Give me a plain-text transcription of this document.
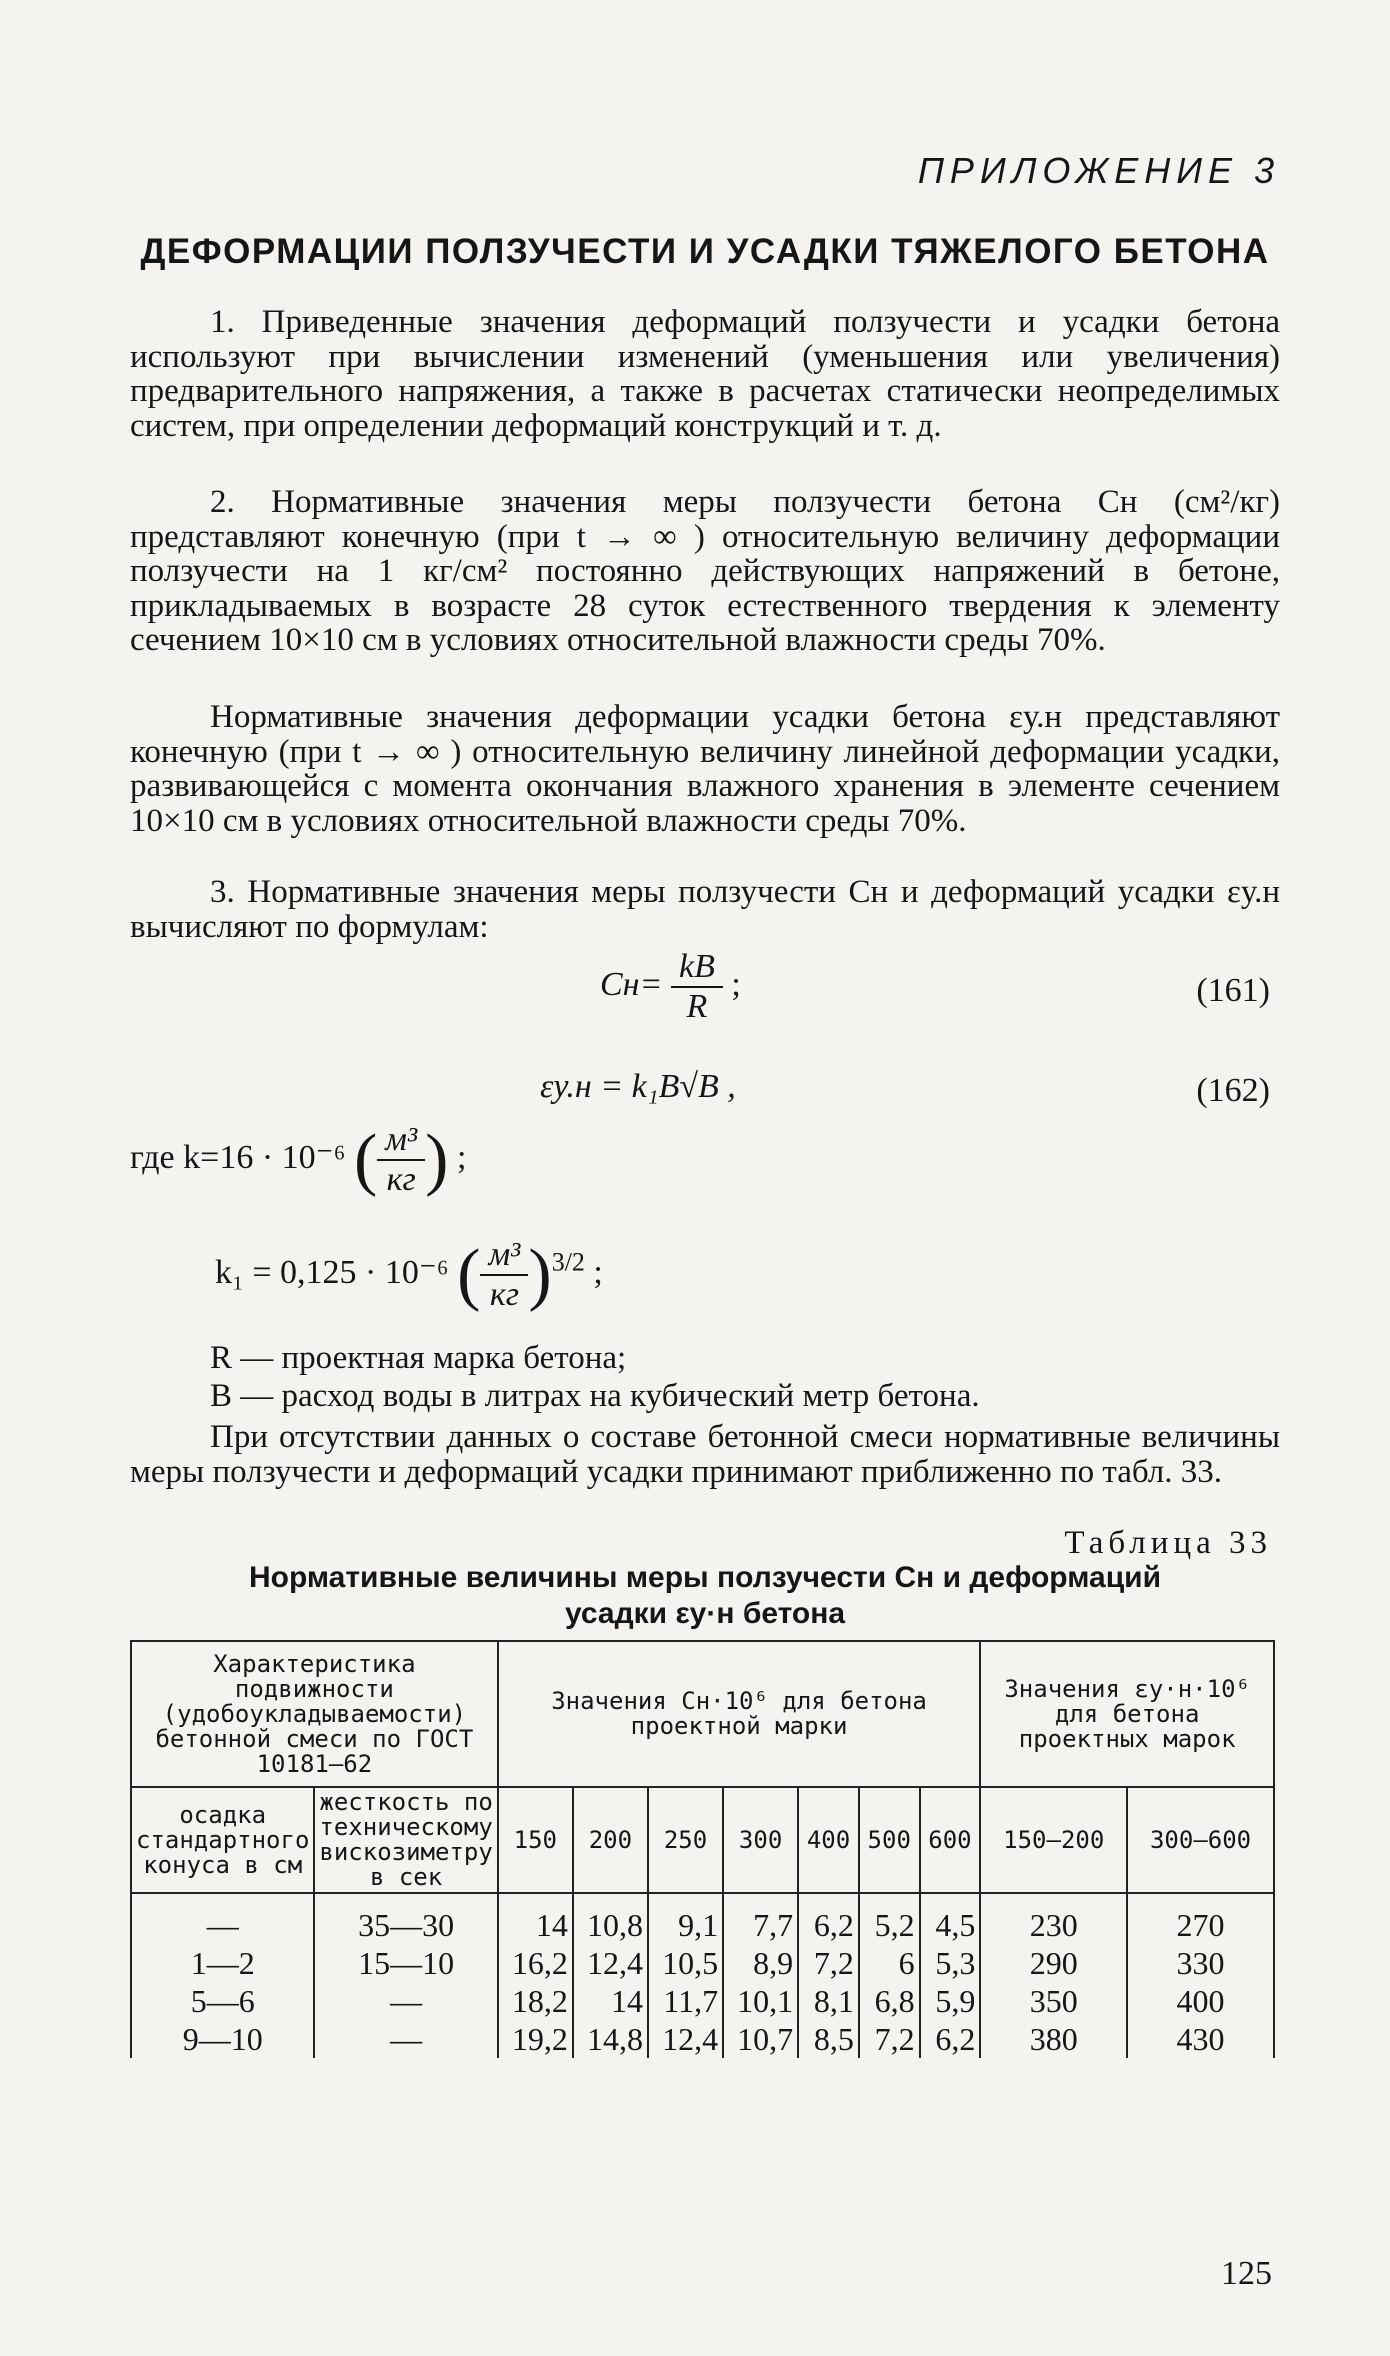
ПРИЛОЖЕНИЕ 3
ДЕФОРМАЦИИ ПОЛЗУЧЕСТИ И УСАДКИ ТЯЖЕЛОГО БЕТОНА

1. Приведенные значения деформаций ползучести и усадки бетона используют при вычислении изменений (уменьшения или увеличения) предварительного напряжения, а также в расчетах статически неопределимых систем, при определении деформаций конструкций и т. д.

2. Нормативные значения меры ползучести бетона Cн (см²/кг) представляют конечную (при t → ∞ ) относительную величину деформации ползучести на 1 кг/см² постоянно действующих напряжений в бетоне, прикладываемых в возрасте 28 суток естественного твердения к элементу сечением 10×10 см в условиях относительной влажности среды 70%.

Нормативные значения деформации усадки бетона εу.н представляют конечную (при t → ∞ ) относительную величину линейной деформации усадки, развивающейся с момента окончания влажного хранения в элементе сечением 10×10 см в условиях относительной влажности среды 70%.

3. Нормативные значения меры ползучести Cн и деформаций усадки εу.н вычисляют по формулам:

$Cн= \frac{kB}{R}$ ;	(161)
εу.н = k₁B√B ,	(162)
где k=16 · 10⁻⁶ ( $\frac{\text{м³}}{кг}$ ) ;
k₁ = 0,125 · 10⁻⁶ ( $\frac{\text{м³}}{кг} )^{3/2}$ ;
R — проектная марка бетона;
B — расход воды в литрах на кубический метр бетона.

При отсутствии данных о составе бетонной смеси нормативные величины меры ползучести и деформаций усадки принимают приближенно по табл. 33.

Таблица 33
Нормативные величины меры ползучести Cн и деформаций
усадки εу·н бетона
Характеристика подвижности (удобоукладываемости) бетонной смеси по ГОСТ 10181—62		Значения Cн·10⁶ для бетона проектной марки							Значения εу·н·10⁶ для бетона проектных марок	
осадка стандартного конуса в см	жесткость по техническому вискозиметру в сек	150	200	250	300	400	500	600	150—200	300—600
—	35—30	14	10,8	9,1	7,7	6,2	5,2	4,5	230	270
1—2	15—10	16,2	12,4	10,5	8,9	7,2	6	5,3	290	330
5—6	—	18,2	14	11,7	10,1	8,1	6,8	5,9	350	400
9—10	—	19,2	14,8	12,4	10,7	8,5	7,2	6,2	380	430
125
